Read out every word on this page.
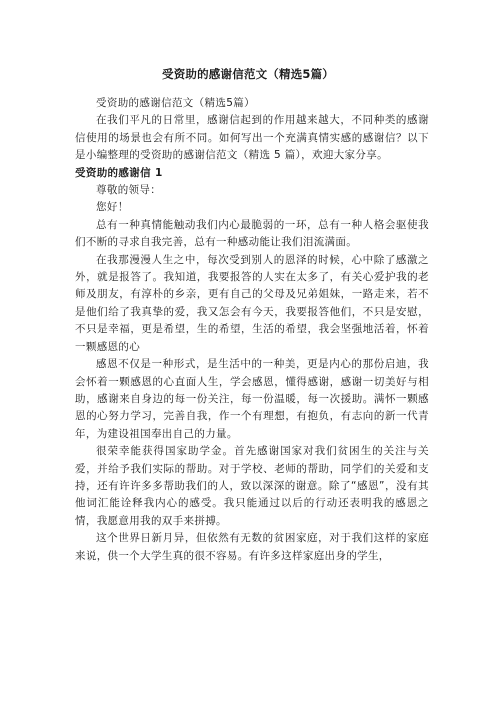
受资助的感谢信范文（精选5篇）

受资助的感谢信范文（精选5篇）

在我们平凡的日常里，感谢信起到的作用越来越大，不同种类的感谢信使用的场景也会有所不同。如何写出一个充满真情实感的感谢信？以下是小编整理的受资助的感谢信范文（精选 5 篇），欢迎大家分享。

受资助的感谢信 1

尊敬的领导：

您好！

总有一种真情能触动我们内心最脆弱的一环，总有一种人格会驱使我们不断的寻求自我完善，总有一种感动能让我们泪流满面。

在我那漫漫人生之中，每次受到别人的恩泽的时候，心中除了感激之外，就是报答了。我知道，我要报答的人实在太多了，有关心爱护我的老师及朋友，有淳朴的乡亲，更有自己的父母及兄弟姐妹，一路走来，若不是他们给了我真挚的爱，我又怎会有今天，我要报答他们，不只是安慰，不只是幸福，更是希望，生的希望，生活的希望，我会坚强地活着，怀着一颗感恩的心

感恩不仅是一种形式，是生活中的一种美，更是内心的那份启迪，我会怀着一颗感恩的心直面人生，学会感恩，懂得感谢，感谢一切美好与相助，感谢来自身边的每一份关注，每一份温暖，每一次援助。满怀一颗感恩的心努力学习，完善自我，作一个有理想，有抱负，有志向的新一代青年，为建设祖国奉出自己的力量。

很荣幸能获得国家助学金。首先感谢国家对我们贫困生的关注与关爱，并给予我们实际的帮助。对于学校、老师的帮助，同学们的关爱和支持，还有许许多多帮助我们的人，致以深深的谢意。除了“感恩”，没有其他词汇能诠释我内心的感受。我只能通过以后的行动还表明我的感恩之情，我愿意用我的双手来拼搏。

这个世界日新月异，但依然有无数的贫困家庭，对于我们这样的家庭来说，供一个大学生真的很不容易。有许多这样家庭出身的学生，
